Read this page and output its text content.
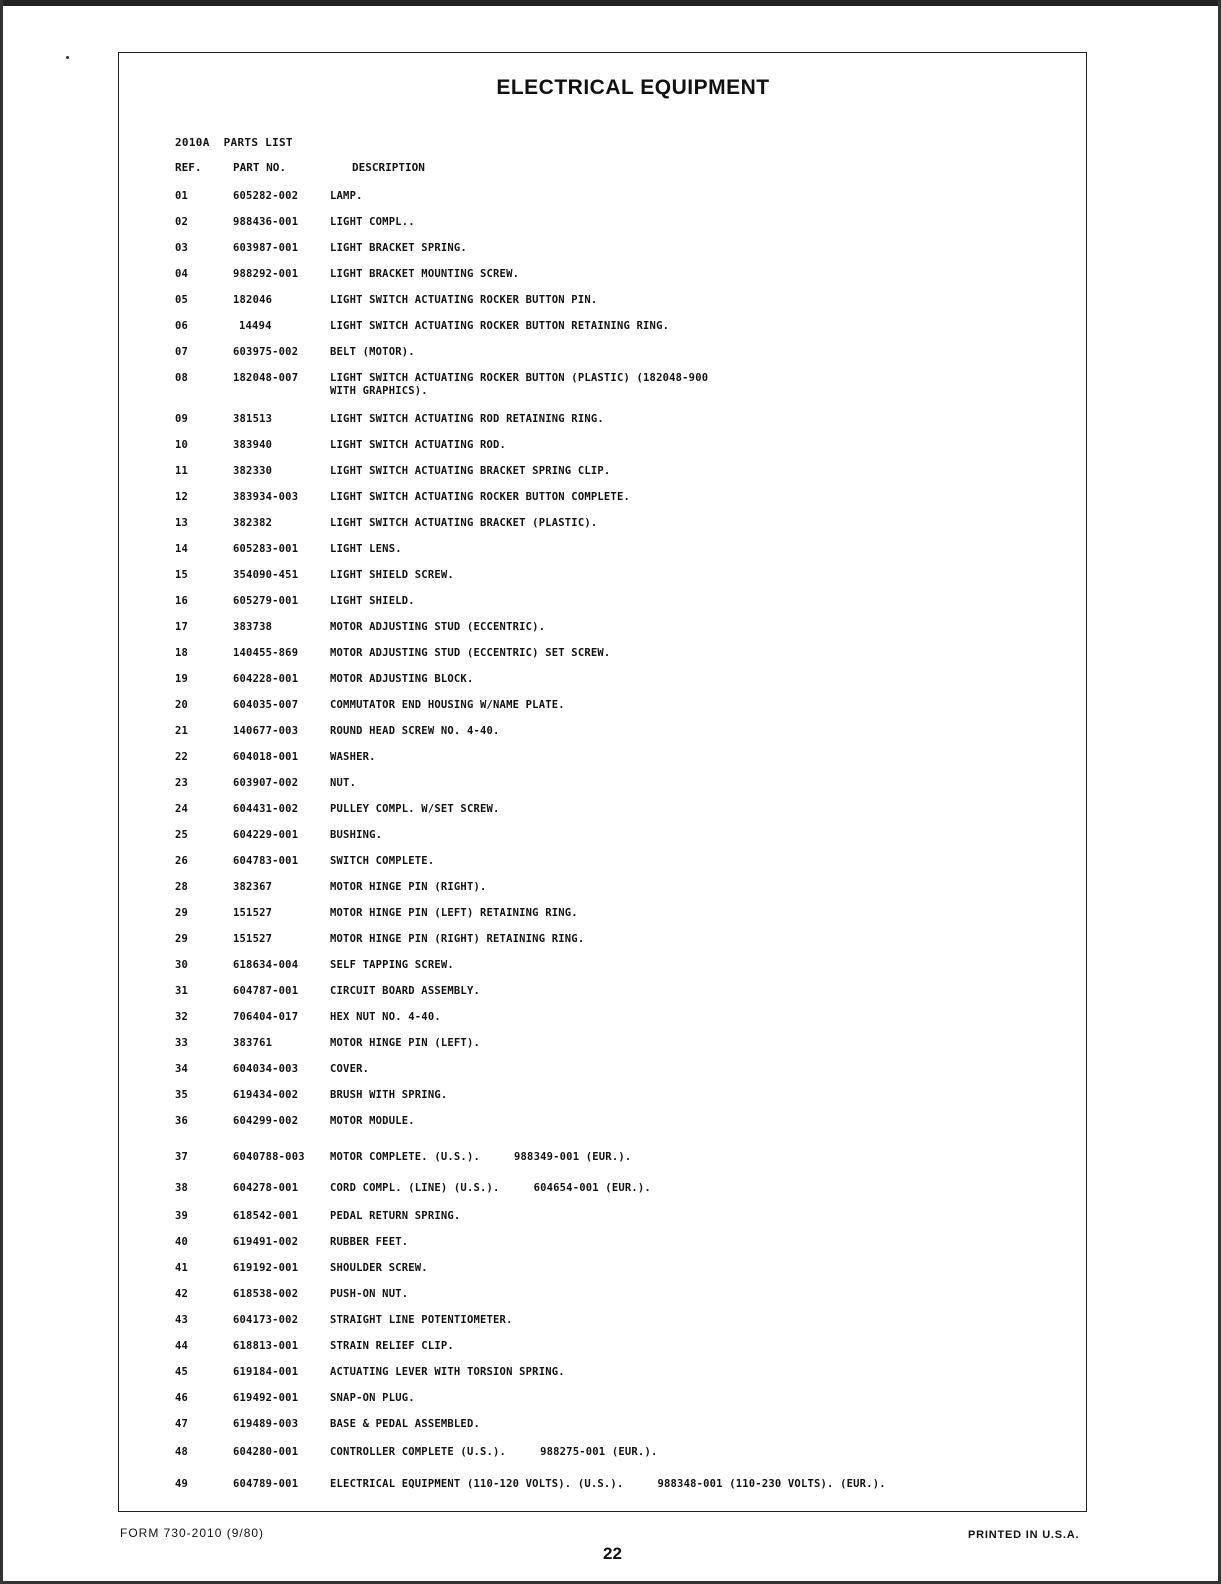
ELECTRICAL EQUIPMENT
2010A PARTS LIST
REF.	PART NO.	DESCRIPTION
01	605282-002	LAMP.
02	988436-001	LIGHT COMPL..
03	603987-001	LIGHT BRACKET SPRING.
04	988292-001	LIGHT BRACKET MOUNTING SCREW.
05	182046	LIGHT SWITCH ACTUATING ROCKER BUTTON PIN.
06	14494	LIGHT SWITCH ACTUATING ROCKER BUTTON RETAINING RING.
07	603975-002	BELT (MOTOR).
08	182048-007	LIGHT SWITCH ACTUATING ROCKER BUTTON (PLASTIC) (182048-900
WITH GRAPHICS).
09	381513	LIGHT SWITCH ACTUATING ROD RETAINING RING.
10	383940	LIGHT SWITCH ACTUATING ROD.
11	382330	LIGHT SWITCH ACTUATING BRACKET SPRING CLIP.
12	383934-003	LIGHT SWITCH ACTUATING ROCKER BUTTON COMPLETE.
13	382382	LIGHT SWITCH ACTUATING BRACKET (PLASTIC).
14	605283-001	LIGHT LENS.
15	354090-451	LIGHT SHIELD SCREW.
16	605279-001	LIGHT SHIELD.
17	383738	MOTOR ADJUSTING STUD (ECCENTRIC).
18	140455-869	MOTOR ADJUSTING STUD (ECCENTRIC) SET SCREW.
19	604228-001	MOTOR ADJUSTING BLOCK.
20	604035-007	COMMUTATOR END HOUSING W/NAME PLATE.
21	140677-003	ROUND HEAD SCREW NO. 4-40.
22	604018-001	WASHER.
23	603907-002	NUT.
24	604431-002	PULLEY COMPL. W/SET SCREW.
25	604229-001	BUSHING.
26	604783-001	SWITCH COMPLETE.
28	382367	MOTOR HINGE PIN (RIGHT).
29	151527	MOTOR HINGE PIN (LEFT) RETAINING RING.
29	151527	MOTOR HINGE PIN (RIGHT) RETAINING RING.
30	618634-004	SELF TAPPING SCREW.
31	604787-001	CIRCUIT BOARD ASSEMBLY.
32	706404-017	HEX NUT NO. 4-40.
33	383761	MOTOR HINGE PIN (LEFT).
34	604034-003	COVER.
35	619434-002	BRUSH WITH SPRING.
36	604299-002	MOTOR MODULE.
37	6040788-003 MOTOR COMPLETE. (U.S.).	988349-001 (EUR.).
38	604278-001	CORD COMPL. (LINE) (U.S.).	604654-001 (EUR.).
39	618542-001	PEDAL RETURN SPRING.
40	619491-002	RUBBER FEET.
41	619192-001	SHOULDER SCREW.
42	618538-002	PUSH-ON NUT.
43	604173-002	STRAIGHT LINE POTENTIOMETER.
44	618813-001	STRAIN RELIEF CLIP.
45	619184-001	ACTUATING LEVER WITH TORSION SPRING.
46	619492-001	SNAP-ON PLUG.
47	619489-003	BASE & PEDAL ASSEMBLED.
48	604280-001	CONTROLLER COMPLETE (U.S.).	988275-001 (EUR.).
49	604789-001	ELECTRICAL EQUIPMENT (110-120 VOLTS). (U.S.).	988348-001 (110-230 VOLTS). (EUR.).
FORM 730-2010 (9/80)	PRINTED IN U.S.A.
22
